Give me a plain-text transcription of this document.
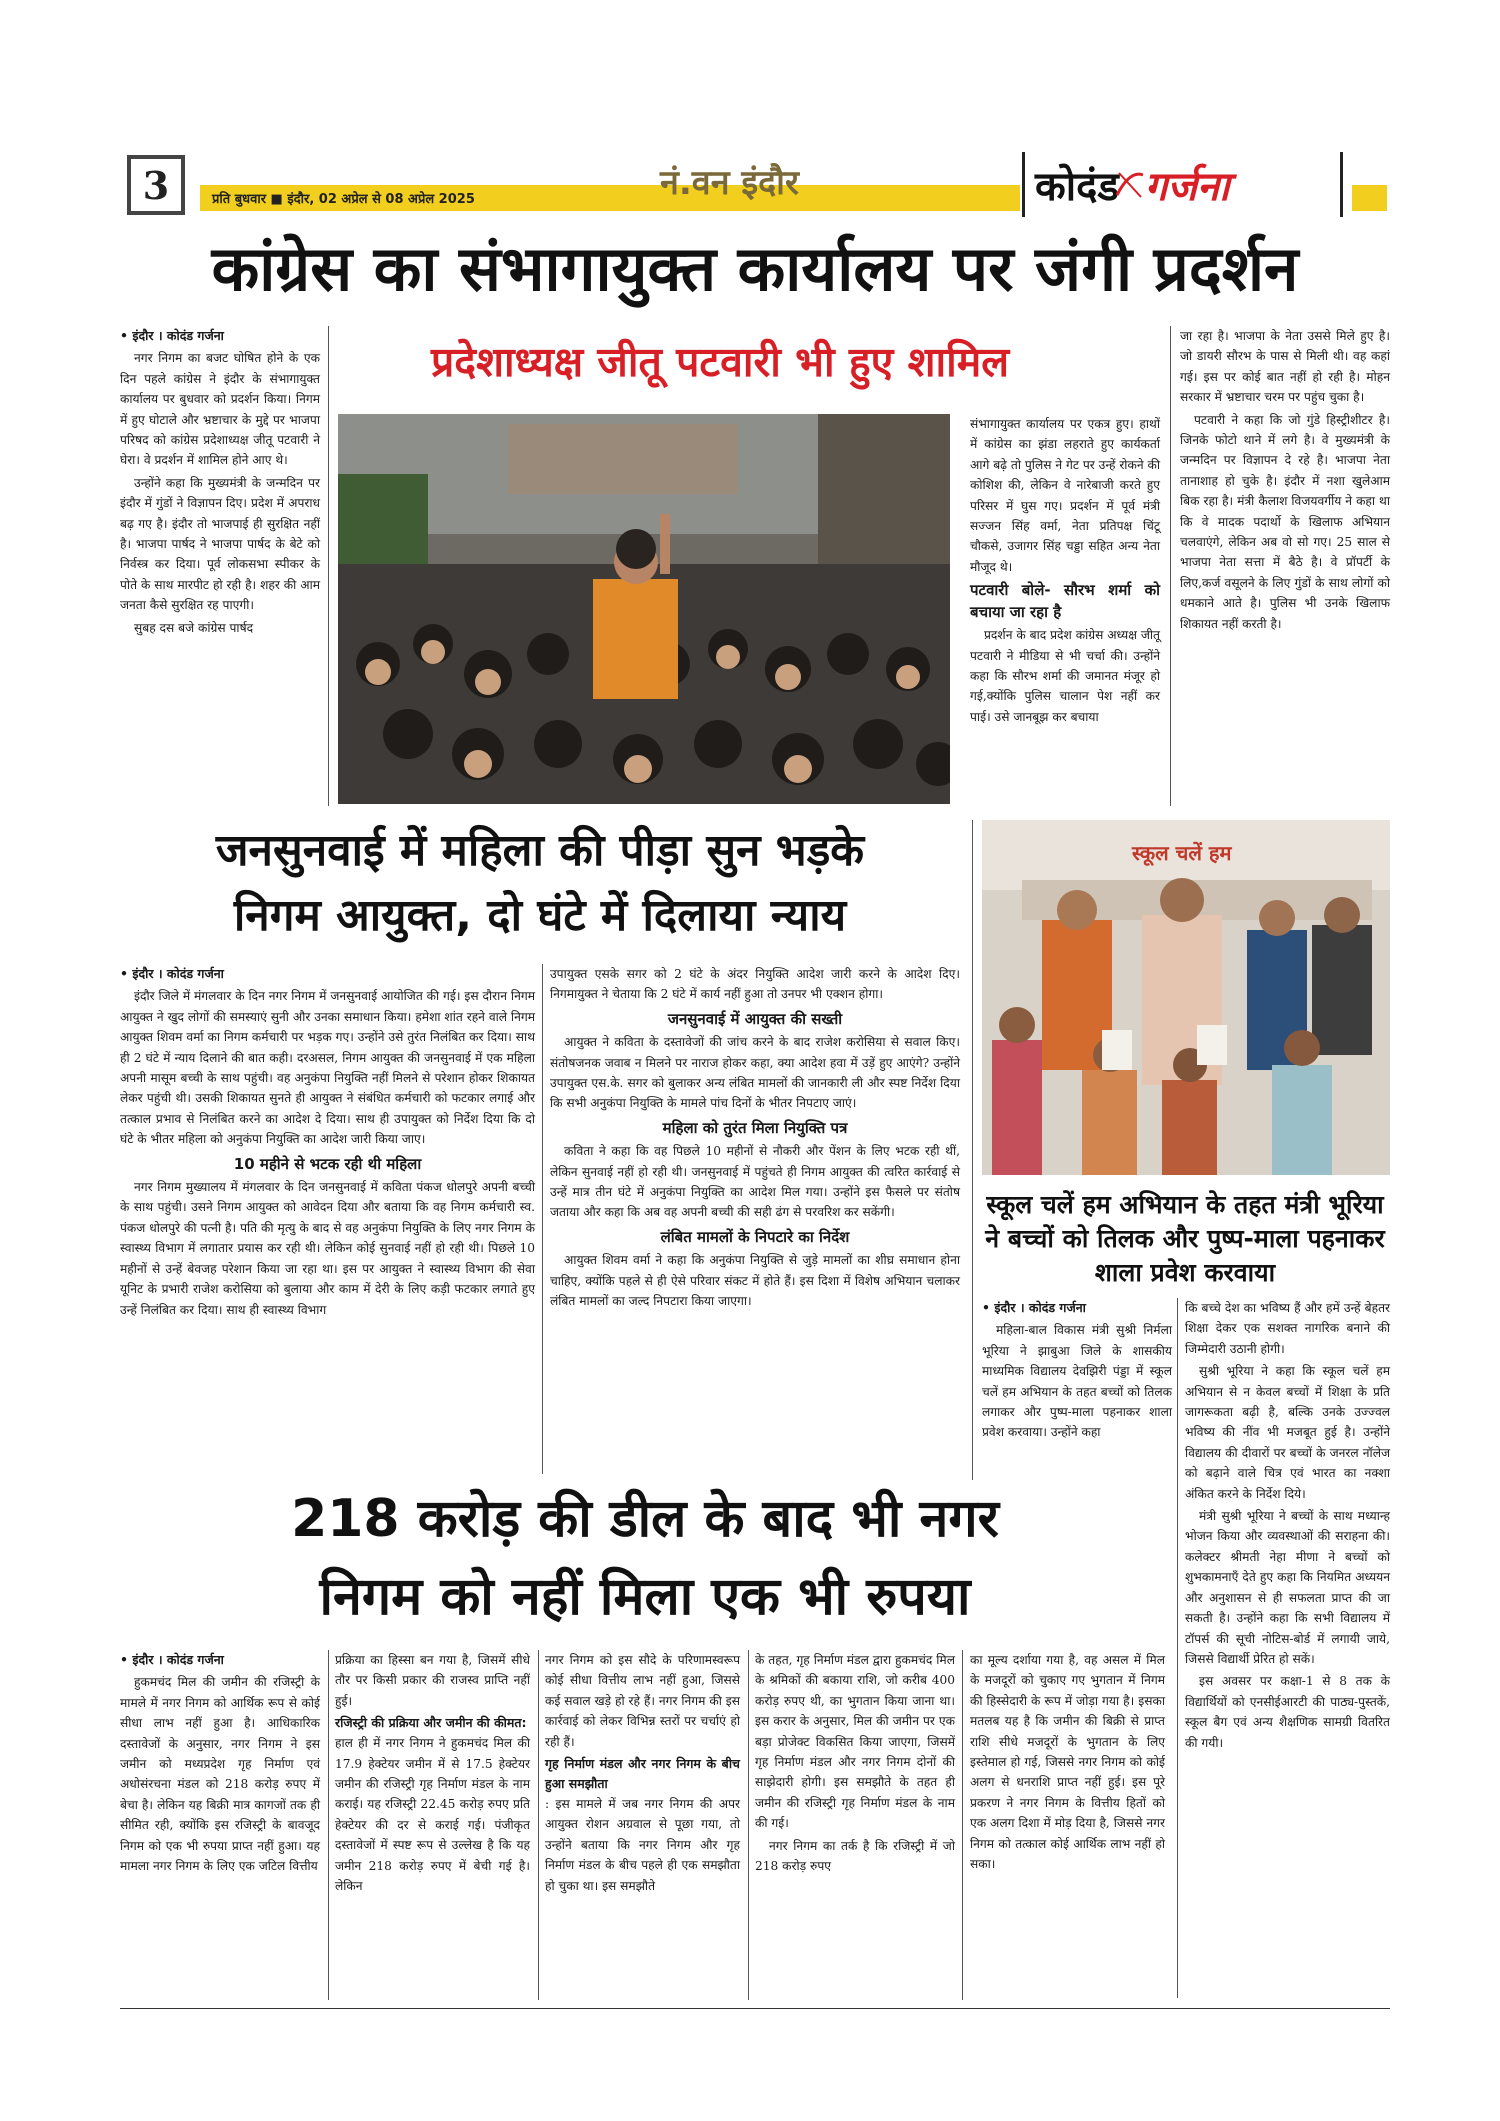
3	प्रति बुधवार ■ इंदौर, 02 अप्रेल से 08 अप्रेल 2025	नं.वन इंदौर	कोदंड गर्जना
कांग्रेस का संभागायुक्त कार्यालय पर जंगी प्रदर्शन
प्रदेशाध्यक्ष जीतू पटवारी भी हुए शामिल
• इंदौर । कोदंड गर्जना

नगर निगम का बजट घोषित होने के एक दिन पहले कांग्रेस ने इंदौर के संभागायुक्त कार्यालय पर बुधवार को प्रदर्शन किया। निगम में हुए घोटाले और भ्रष्टाचार के मुद्दे पर भाजपा परिषद को कांग्रेस प्रदेशाध्यक्ष जीतू पटवारी ने घेरा। वे प्रदर्शन में शामिल होने आए थे।

उन्होंने कहा कि मुख्यमंत्री के जन्मदिन पर इंदौर में गुंडों ने विज्ञापन दिए। प्रदेश में अपराध बढ़ गए है। इंदौर तो भाजपाई ही सुरक्षित नहीं है। भाजपा पार्षद ने भाजपा पार्षद के बेटे को निर्वस्त्र कर दिया। पूर्व लोकसभा स्पीकर के पोते के साथ मारपीट हो रही है। शहर की आम जनता कैसे सुरक्षित रह पाएगी।

सुबह दस बजे कांग्रेस पार्षद

संभागायुक्त कार्यालय पर एकत्र हुए। हाथों में कांग्रेस का झंडा लहराते हुए कार्यकर्ता आगे बढ़े तो पुलिस ने गेट पर उन्हें रोकने की कोशिश की, लेकिन वे नारेबाजी करते हुए परिसर में घुस गए। प्रदर्शन में पूर्व मंत्री सज्जन सिंह वर्मा, नेता प्रतिपक्ष चिंटू चौकसे, उजागर सिंह चड्डा सहित अन्य नेता मौजूद थे।

पटवारी बोले- सौरभ शर्मा को बचाया जा रहा है

प्रदर्शन के बाद प्रदेश कांग्रेस अध्यक्ष जीतू पटवारी ने मीडिया से भी चर्चा की। उन्होंने कहा कि सौरभ शर्मा की जमानत मंजूर हो गई,क्योंकि पुलिस चालान पेश नहीं कर पाई। उसे जानबूझ कर बचाया

जा रहा है। भाजपा के नेता उससे मिले हुए है। जो डायरी सौरभ के पास से मिली थी। वह कहां गई। इस पर कोई बात नहीं हो रही है। मोहन सरकार में भ्रष्टाचार चरम पर पहुंच चुका है।

पटवारी ने कहा कि जो गुंडे हिस्ट्रीशीटर है। जिनके फोटो थाने में लगे है। वे मुख्यमंत्री के जन्मदिन पर विज्ञापन दे रहे है। भाजपा नेता तानाशाह हो चुके है। इंदौर में नशा खुलेआम बिक रहा है। मंत्री कैलाश विजयवर्गीय ने कहा था कि वे मादक पदार्थो के खिलाफ अभियान चलवाएंगे, लेकिन अब वो सो गए। 25 साल से भाजपा नेता सत्ता में बैठे है। वे प्रॉपर्टी के लिए,कर्ज वसूलने के लिए गुंडों के साथ लोगों को धमकाने आते है। पुलिस भी उनके खिलाफ शिकायत नहीं करती है।

जनसुनवाई में महिला की पीड़ा सुन भड़के
निगम आयुक्त, दो घंटे में दिलाया न्याय
• इंदौर । कोदंड गर्जना

इंदौर जिले में मंगलवार के दिन नगर निगम में जनसुनवाई आयोजित की गई। इस दौरान निगम आयुक्त ने खुद लोगों की समस्याएं सुनी और उनका समाधान किया। हमेशा शांत रहने वाले निगम आयुक्त शिवम वर्मा का निगम कर्मचारी पर भड़क गए। उन्होंने उसे तुरंत निलंबित कर दिया। साथ ही 2 घंटे में न्याय दिलाने की बात कही। दरअसल, निगम आयुक्त की जनसुनवाई में एक महिला अपनी मासूम बच्ची के साथ पहुंची। वह अनुकंपा नियुक्ति नहीं मिलने से परेशान होकर शिकायत लेकर पहुंची थी। उसकी शिकायत सुनते ही आयुक्त ने संबंधित कर्मचारी को फटकार लगाई और तत्काल प्रभाव से निलंबित करने का आदेश दे दिया। साथ ही उपायुक्त को निर्देश दिया कि दो घंटे के भीतर महिला को अनुकंपा नियुक्ति का आदेश जारी किया जाए।

10 महीने से भटक रही थी महिला

नगर निगम मुख्यालय में मंगलवार के दिन जनसुनवाई में कविता पंकज धोलपुरे अपनी बच्ची के साथ पहुंची। उसने निगम आयुक्त को आवेदन दिया और बताया कि वह निगम कर्मचारी स्व. पंकज धोलपुरे की पत्नी है। पति की मृत्यु के बाद से वह अनुकंपा नियुक्ति के लिए नगर निगम के स्वास्थ्य विभाग में लगातार प्रयास कर रही थी। लेकिन कोई सुनवाई नहीं हो रही थी। पिछले 10 महीनों से उन्हें बेवजह परेशान किया जा रहा था। इस पर आयुक्त ने स्वास्थ्य विभाग की सेवा यूनिट के प्रभारी राजेश करोसिया को बुलाया और काम में देरी के लिए कड़ी फटकार लगाते हुए उन्हें निलंबित कर दिया। साथ ही स्वास्थ्य विभाग

उपायुक्त एसके सगर को 2 घंटे के अंदर नियुक्ति आदेश जारी करने के आदेश दिए। निगमायुक्त ने चेताया कि 2 घंटे में कार्य नहीं हुआ तो उनपर भी एक्शन होगा।

जनसुनवाई में आयुक्त की सख्ती

आयुक्त ने कविता के दस्तावेजों की जांच करने के बाद राजेश करोसिया से सवाल किए। संतोषजनक जवाब न मिलने पर नाराज होकर कहा, क्या आदेश हवा में उड़ें हुए आएंगे? उन्होंने उपायुक्त एस.के. सगर को बुलाकर अन्य लंबित मामलों की जानकारी ली और स्पष्ट निर्देश दिया कि सभी अनुकंपा नियुक्ति के मामले पांच दिनों के भीतर निपटाए जाएं।

महिला को तुरंत मिला नियुक्ति पत्र

कविता ने कहा कि वह पिछले 10 महीनों से नौकरी और पेंशन के लिए भटक रही थीं, लेकिन सुनवाई नहीं हो रही थी। जनसुनवाई में पहुंचते ही निगम आयुक्त की त्वरित कार्रवाई से उन्हें मात्र तीन घंटे में अनुकंपा नियुक्ति का आदेश मिल गया। उन्होंने इस फैसले पर संतोष जताया और कहा कि अब वह अपनी बच्ची की सही ढंग से परवरिश कर सकेंगी।

लंबित मामलों के निपटारे का निर्देश

आयुक्त शिवम वर्मा ने कहा कि अनुकंपा नियुक्ति से जुड़े मामलों का शीघ्र समाधान होना चाहिए, क्योंकि पहले से ही ऐसे परिवार संकट में होते हैं। इस दिशा में विशेष अभियान चलाकर लंबित मामलों का जल्द निपटारा किया जाएगा।

स्कूल चलें हम
स्कूल चलें हम अभियान के तहत मंत्री भूरिया ने बच्चों को तिलक और पुष्प-माला पहनाकर शाला प्रवेश करवाया
• इंदौर । कोदंड गर्जना

महिला-बाल विकास मंत्री सुश्री निर्मला भूरिया ने झाबुआ जिले के शासकीय माध्यमिक विद्यालय देवझिरी पंड्डा में स्कूल चलें हम अभियान के तहत बच्चों को तिलक लगाकर और पुष्प-माला पहनाकर शाला प्रवेश करवाया। उन्होंने कहा

कि बच्चे देश का भविष्य हैं और हमें उन्हें बेहतर शिक्षा देकर एक सशक्त नागरिक बनाने की जिम्मेदारी उठानी होगी।

सुश्री भूरिया ने कहा कि स्कूल चलें हम अभियान से न केवल बच्चों में शिक्षा के प्रति जागरूकता बढ़ी है, बल्कि उनके उज्ज्वल भविष्य की नींव भी मजबूत हुई है। उन्होंने विद्यालय की दीवारों पर बच्चों के जनरल नॉलेज को बढ़ाने वाले चित्र एवं भारत का नक्शा अंकित करने के निर्देश दिये।

मंत्री सुश्री भूरिया ने बच्चों के साथ मध्यान्ह भोजन किया और व्यवस्थाओं की सराहना की। कलेक्टर श्रीमती नेहा मीणा ने बच्चों को शुभकामनाएँ देते हुए कहा कि नियमित अध्ययन और अनुशासन से ही सफलता प्राप्त की जा सकती है। उन्होंने कहा कि सभी विद्यालय में टॉपर्स की सूची नोटिस-बोर्ड में लगायी जाये, जिससे विद्यार्थी प्रेरित हो सकें।

इस अवसर पर कक्षा-1 से 8 तक के विद्यार्थियों को एनसीईआरटी की पाठ्य-पुस्तकें, स्कूल बैग एवं अन्य शैक्षणिक सामग्री वितरित की गयी।

218 करोड़ की डील के बाद भी नगर
निगम को नहीं मिला एक भी रुपया
• इंदौर । कोदंड गर्जना

हुकमचंद मिल की जमीन की रजिस्ट्री के मामले में नगर निगम को आर्थिक रूप से कोई सीधा लाभ नहीं हुआ है। आधिकारिक दस्तावेजों के अनुसार, नगर निगम ने इस जमीन को मध्यप्रदेश गृह निर्माण एवं अधोसंरचना मंडल को 218 करोड़ रुपए में बेचा है। लेकिन यह बिक्री मात्र कागजों तक ही सीमित रही, क्योंकि इस रजिस्ट्री के बावजूद निगम को एक भी रुपया प्राप्त नहीं हुआ। यह मामला नगर निगम के लिए एक जटिल वित्तीय

प्रक्रिया का हिस्सा बन गया है, जिसमें सीधे तौर पर किसी प्रकार की राजस्व प्राप्ति नहीं हुई।

रजिस्ट्री की प्रक्रिया और जमीन की कीमत:

हाल ही में नगर निगम ने हुकमचंद मिल की 17.9 हेक्टेयर जमीन में से 17.5 हेक्टेयर जमीन की रजिस्ट्री गृह निर्माण मंडल के नाम कराई। यह रजिस्ट्री 22.45 करोड़ रुपए प्रति हेक्टेयर की दर से कराई गई। पंजीकृत दस्तावेजों में स्पष्ट रूप से उल्लेख है कि यह जमीन 218 करोड़ रुपए में बेची गई है। लेकिन

नगर निगम को इस सौदे के परिणामस्वरूप कोई सीधा वित्तीय लाभ नहीं हुआ, जिससे कई सवाल खड़े हो रहे हैं। नगर निगम की इस कार्रवाई को लेकर विभिन्न स्तरों पर चर्चाएं हो रही हैं।

गृह निर्माण मंडल और नगर निगम के बीच हुआ समझौता

: इस मामले में जब नगर निगम की अपर आयुक्त रोशन अग्रवाल से पूछा गया, तो उन्होंने बताया कि नगर निगम और गृह निर्माण मंडल के बीच पहले ही एक समझौता हो चुका था। इस समझौते

के तहत, गृह निर्माण मंडल द्वारा हुकमचंद मिल के श्रमिकों की बकाया राशि, जो करीब 400 करोड़ रुपए थी, का भुगतान किया जाना था। इस करार के अनुसार, मिल की जमीन पर एक बड़ा प्रोजेक्ट विकसित किया जाएगा, जिसमें गृह निर्माण मंडल और नगर निगम दोनों की साझेदारी होगी। इस समझौते के तहत ही जमीन की रजिस्ट्री गृह निर्माण मंडल के नाम की गई।

नगर निगम का तर्क है कि रजिस्ट्री में जो 218 करोड़ रुपए

का मूल्य दर्शाया गया है, वह असल में मिल के मजदूरों को चुकाए गए भुगतान में निगम की हिस्सेदारी के रूप में जोड़ा गया है। इसका मतलब यह है कि जमीन की बिक्री से प्राप्त राशि सीधे मजदूरों के भुगतान के लिए इस्तेमाल हो गई, जिससे नगर निगम को कोई अलग से धनराशि प्राप्त नहीं हुई। इस पूरे प्रकरण ने नगर निगम के वित्तीय हितों को एक अलग दिशा में मोड़ दिया है, जिससे नगर निगम को तत्काल कोई आर्थिक लाभ नहीं हो सका।
